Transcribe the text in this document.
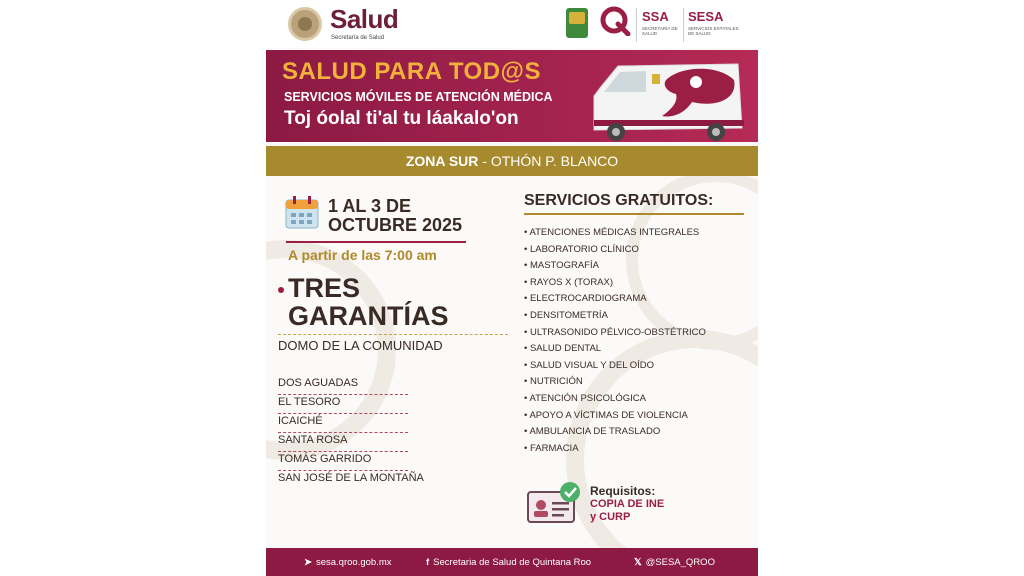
Salud
Secretaría de Salud
SSA
SECRETARÍA DE SALUD
SESA
SERVICIOS ESTATALES DE SALUD
SALUD PARA TOD@S
SERVICIOS MÓVILES DE ATENCIÓN MÉDICA
Toj óolal ti'al tu láakalo'on
ZONA SUR - OTHÓN P. BLANCO
1 AL 3 DE
OCTUBRE 2025
A partir de las 7:00 am
TRES
GARANTÍAS
DOMO DE LA COMUNIDAD
DOS AGUADAS
EL TESORO
ICAICHÉ
SANTA ROSA
TOMÁS GARRIDO
SAN JOSÉ DE LA MONTAÑA
SERVICIOS GRATUITOS:
• ATENCIONES MÉDICAS INTEGRALES
• LABORATORIO CLÍNICO
• MASTOGRAFÍA
• RAYOS X (TORAX)
• ELECTROCARDIOGRAMA
• DENSITOMETRÍA
• ULTRASONIDO PÉLVICO-OBSTÉTRICO
• SALUD DENTAL
• SALUD VISUAL Y DEL OÍDO
• NUTRICIÓN
• ATENCIÓN PSICOLÓGICA
• APOYO A VÍCTIMAS DE VIOLENCIA
• AMBULANCIA DE TRASLADO
• FARMACIA
Requisitos:
COPIA DE INE
y CURP
➤ sesa.qroo.gob.mx	f Secretaria de Salud de Quintana Roo	𝕏 @SESA_QROO
